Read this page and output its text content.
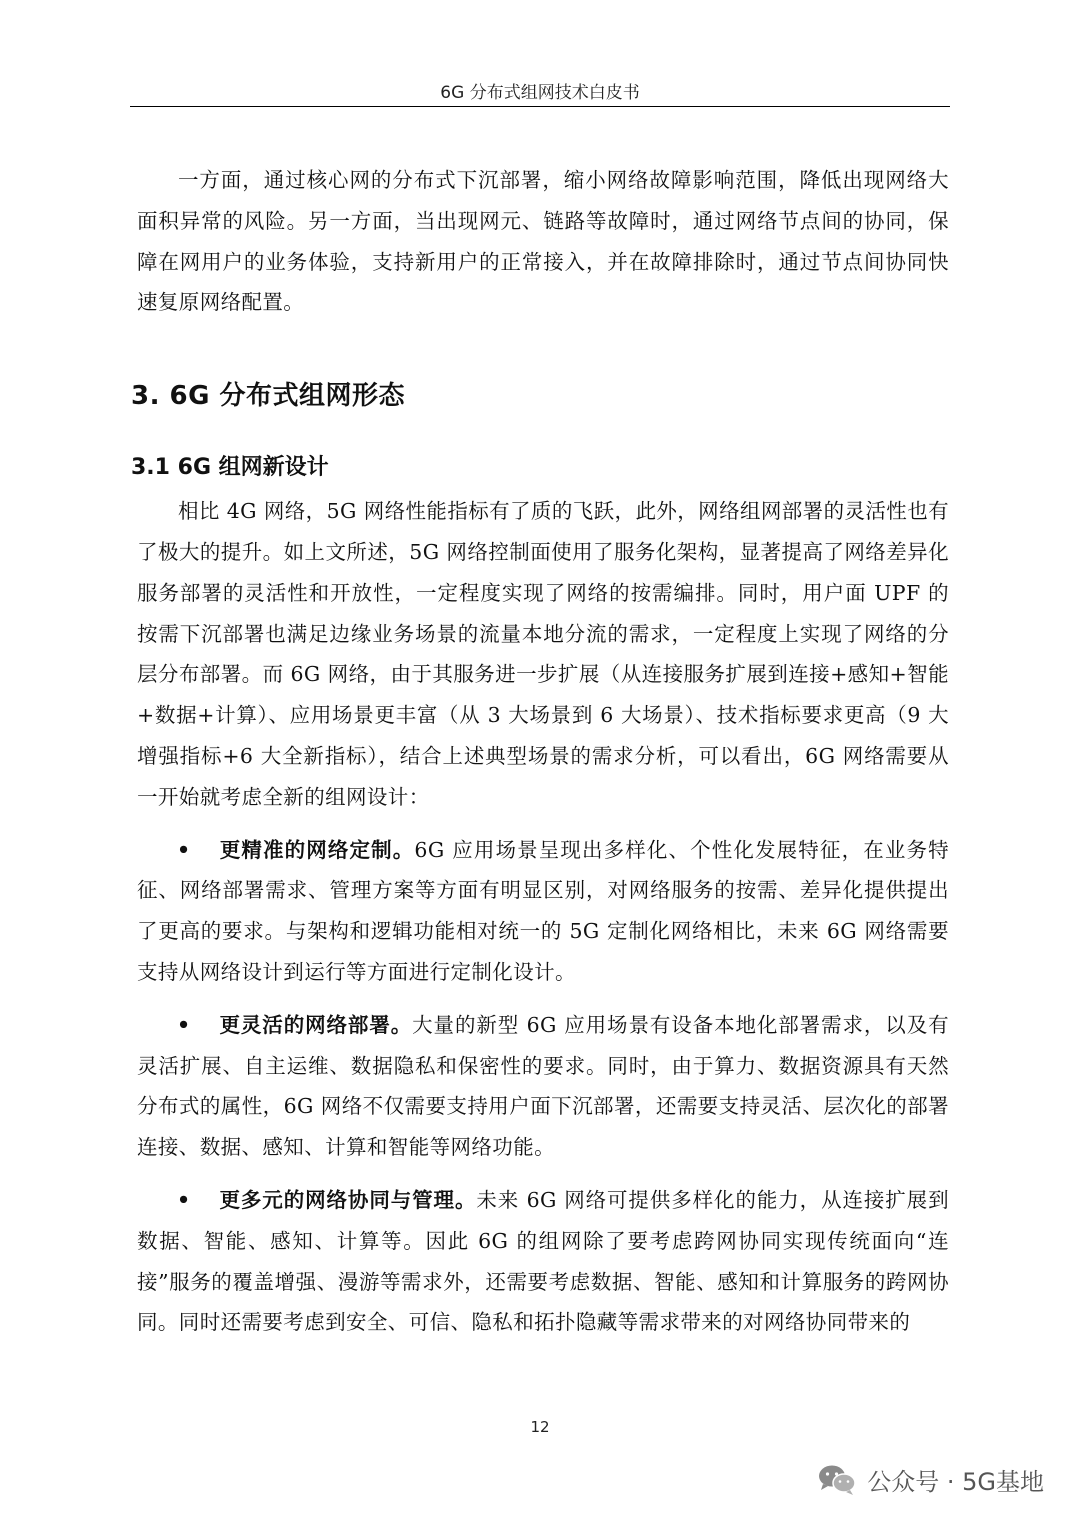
6G 分布式组网技术白皮书

一方面，通过核心网的分布式下沉部署，缩小网络故障影响范围，降低出现网络大面积异常的风险。另一方面，当出现网元、链路等故障时，通过网络节点间的协同，保障在网用户的业务体验，支持新用户的正常接入，并在故障排除时，通过节点间协同快速复原网络配置。

3. 6G 分布式组网形态
3.1 6G 组网新设计

相比 4G 网络，5G 网络性能指标有了质的飞跃，此外，网络组网部署的灵活性也有了极大的提升。如上文所述，5G 网络控制面使用了服务化架构，显著提高了网络差异化服务部署的灵活性和开放性，一定程度实现了网络的按需编排。同时，用户面 UPF 的按需下沉部署也满足边缘业务场景的流量本地分流的需求，一定程度上实现了网络的分层分布部署。而 6G 网络，由于其服务进一步扩展（从连接服务扩展到连接+感知+智能+数据+计算）、应用场景更丰富（从 3 大场景到 6 大场景）、技术指标要求更高（9 大增强指标+6 大全新指标），结合上述典型场景的需求分析，可以看出，6G 网络需要从一开始就考虑全新的组网设计：

• 更精准的网络定制。6G 应用场景呈现出多样化、个性化发展特征，在业务特征、网络部署需求、管理方案等方面有明显区别，对网络服务的按需、差异化提供提出了更高的要求。与架构和逻辑功能相对统一的 5G 定制化网络相比，未来 6G 网络需要支持从网络设计到运行等方面进行定制化设计。

• 更灵活的网络部署。大量的新型 6G 应用场景有设备本地化部署需求，以及有灵活扩展、自主运维、数据隐私和保密性的要求。同时，由于算力、数据资源具有天然分布式的属性，6G 网络不仅需要支持用户面下沉部署，还需要支持灵活、层次化的部署连接、数据、感知、计算和智能等网络功能。

• 更多元的网络协同与管理。未来 6G 网络可提供多样化的能力，从连接扩展到数据、智能、感知、计算等。因此 6G 的组网除了要考虑跨网协同实现传统面向“连接”服务的覆盖增强、漫游等需求外，还需要考虑数据、智能、感知和计算服务的跨网协同。同时还需要考虑到安全、可信、隐私和拓扑隐藏等需求带来的对网络协同带来的

12
公众号 · 5G基地
